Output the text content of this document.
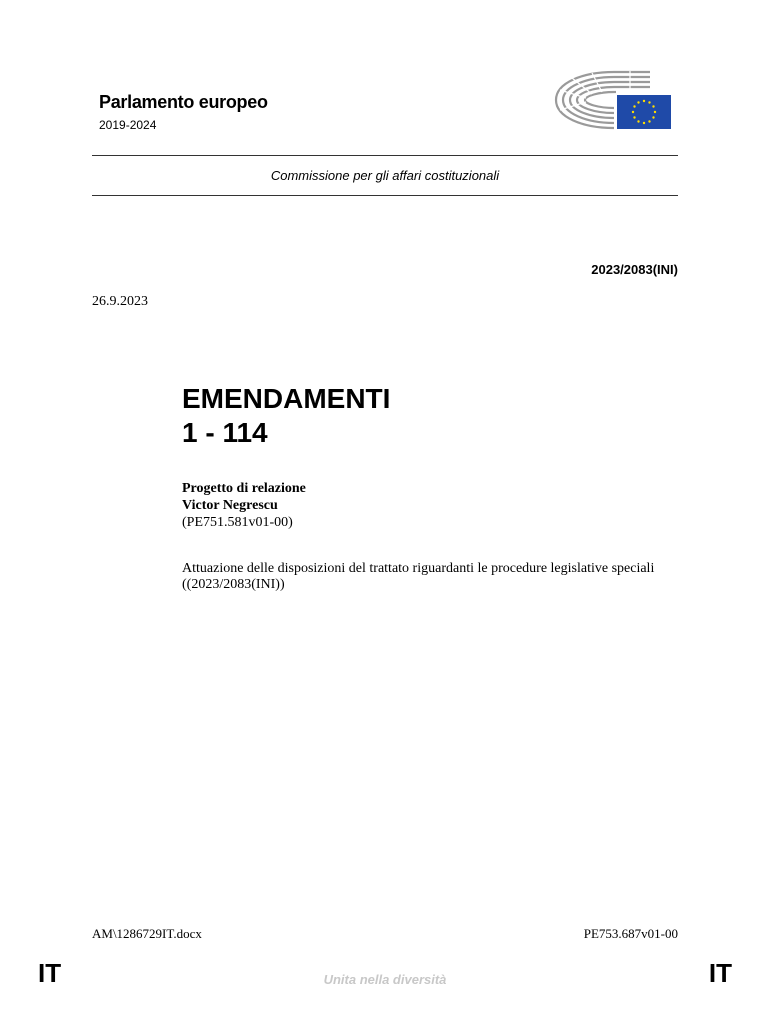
Parlamento europeo
2019-2024
Commissione per gli affari costituzionali
2023/2083(INI)
26.9.2023
EMENDAMENTI
1 - 114
Progetto di relazione
Victor Negrescu
(PE751.581v01-00)
Attuazione delle disposizioni del trattato riguardanti le procedure legislative speciali
((2023/2083(INI))
AM\1286729IT.docx	PE753.687v01-00
IT	Unita nella diversità	IT
